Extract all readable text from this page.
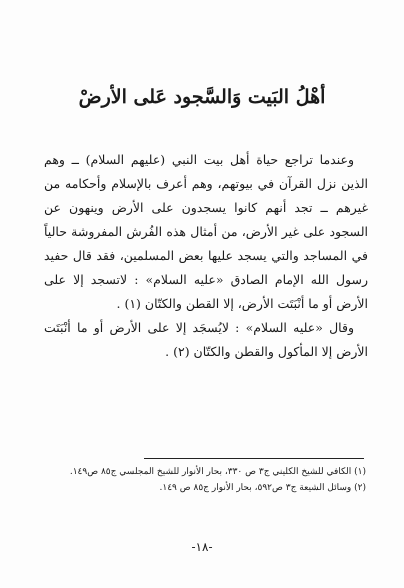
أهْلُ البَيت وَالسَّجود عَلى الأرضْ

وعندما تراجع حياة أهل بيت النبي (عليهم السلام) ــ وهم الذين نزل القرآن في بيوتهم، وهم أعرف بالإسلام وأحكامه من غيرهم ــ تجد أنهم كانوا يسجدون على الأرض وينهون عن السجود على غير الأرض، من أمثال هذه الفُرش المفروشة حالياً في المساجد والتي يسجد عليها بعض المسلمين، فقد قال حفيد رسول الله الإمام الصادق «عليه السلام» : لاتسجد إلا على الأرض أو ما أنْبَتَت الأرض، إلا القطن والكتّان (١) .

وقال «عليه السلام» : لايُسجَد إلا على الأرض أو ما أنْبَتَت الأرض إلا المأكول والقطن والكتّان (٢) .

(١) الكافي للشيخ الكليني ج٣ ص ٣٣٠، بحار الأنوار للشيخ المجلسي ج٨٥ ص١٤٩.
(٢) وسائل الشيعة ج٣ ص٥٩٢، بحار الأنوار ج٨٥ ص ١٤٩.
-١٨-
